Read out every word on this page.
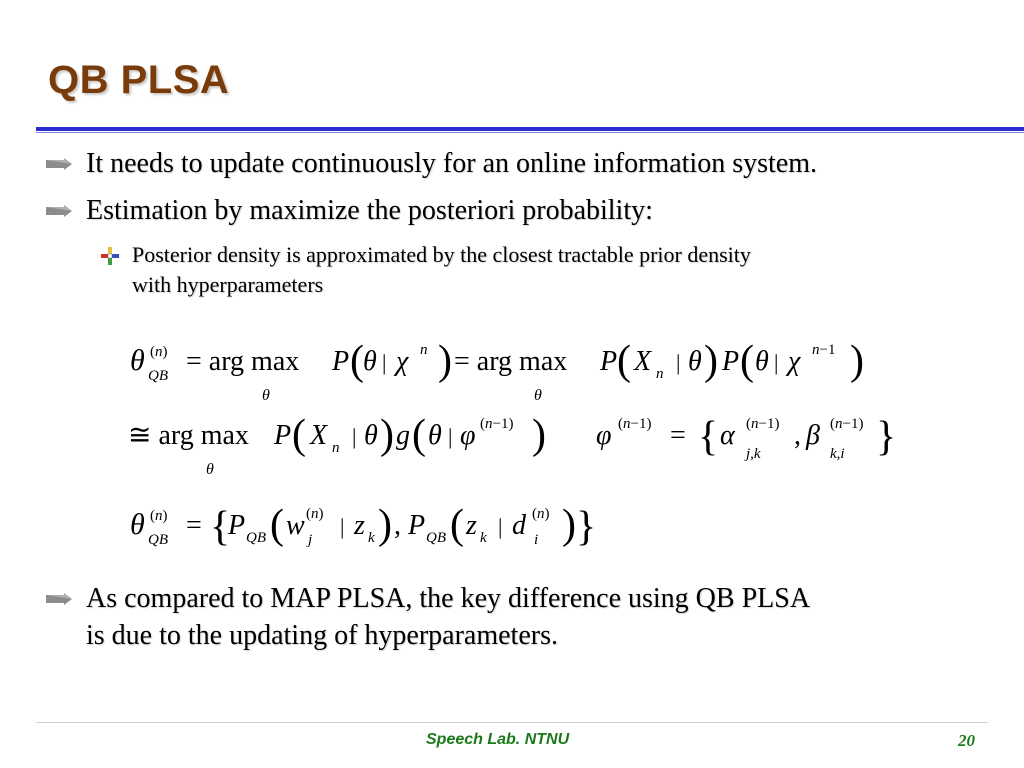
QB PLSA
It needs to update continuously for an online information system.
Estimation by maximize the posteriori probability:
Posterior density is approximated by the closest tractable prior density
with hyperparameters
θ (n)
QB = arg max
θ
P ( θ | χ n ) = arg max
θ
P ( X n | θ ) P ( θ | χ n−1 )
≅ arg max
θ
P ( X n | θ ) g ( θ | φ (n−1) ) φ (n−1) = { α (n−1)
j,k
, β (n−1)
k,i }
θ (n)
QB = {
P QB ( w (n)
j
| z k ) , P QB ( z k | d (n)
i ) }
As compared to MAP PLSA, the key difference using QB PLSA
is due to the updating of hyperparameters.
Speech Lab. NTNU	20
